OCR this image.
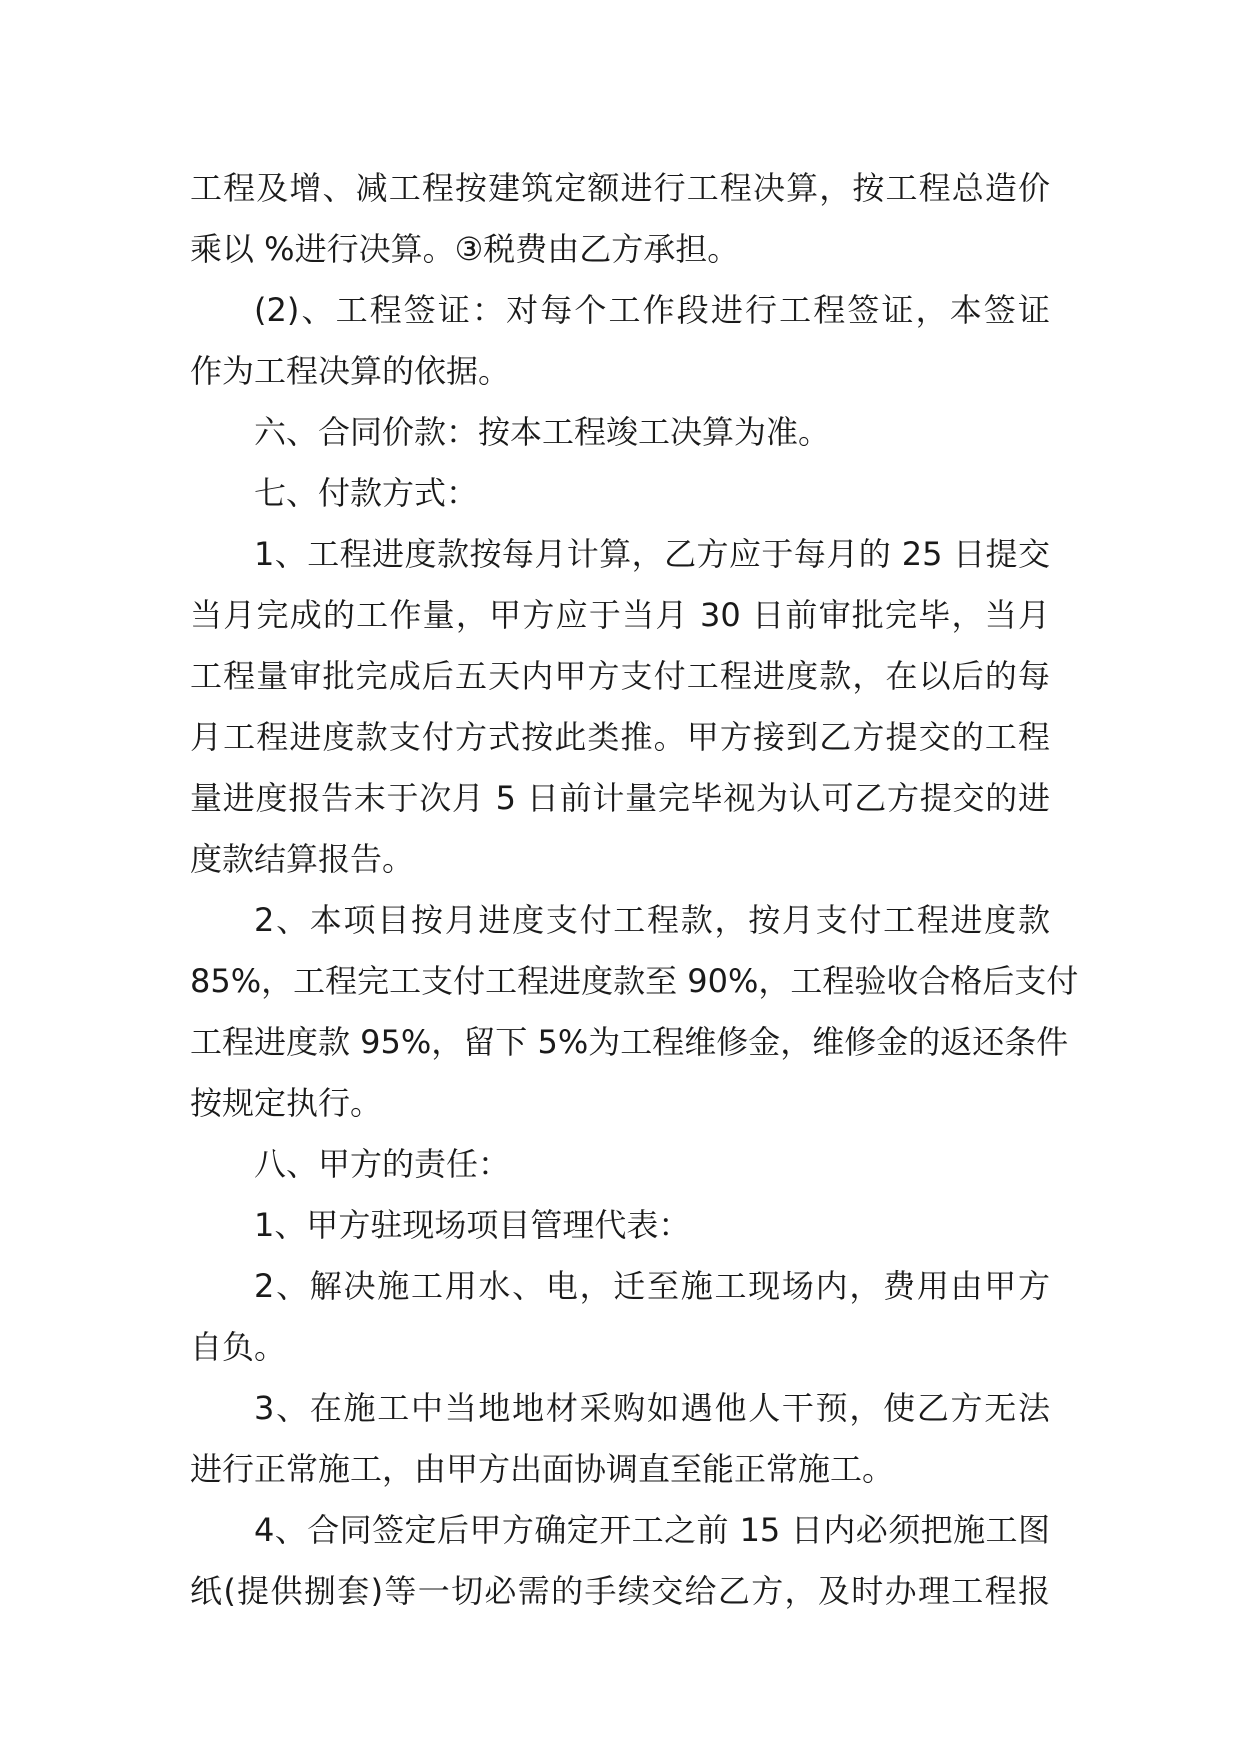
工程及增、减工程按建筑定额进行工程决算，按工程总造价
乘以 %进行决算。③税费由乙方承担。
(2)、工程签证：对每个工作段进行工程签证，本签证
作为工程决算的依据。
六、合同价款：按本工程竣工决算为准。
七、付款方式：
1、工程进度款按每月计算，乙方应于每月的 25 日提交
当月完成的工作量，甲方应于当月 30 日前审批完毕，当月
工程量审批完成后五天内甲方支付工程进度款，在以后的每
月工程进度款支付方式按此类推。甲方接到乙方提交的工程
量进度报告末于次月 5 日前计量完毕视为认可乙方提交的进
度款结算报告。
2、本项目按月进度支付工程款，按月支付工程进度款
85%，工程完工支付工程进度款至 90%，工程验收合格后支付
工程进度款 95%，留下 5%为工程维修金，维修金的返还条件
按规定执行。
八、甲方的责任：
1、甲方驻现场项目管理代表：
2、解决施工用水、电，迁至施工现场内，费用由甲方
自负。
3、在施工中当地地材采购如遇他人干预，使乙方无法
进行正常施工，由甲方出面协调直至能正常施工。
4、合同签定后甲方确定开工之前 15 日内必须把施工图
纸(提供捌套)等一切必需的手续交给乙方，及时办理工程报
